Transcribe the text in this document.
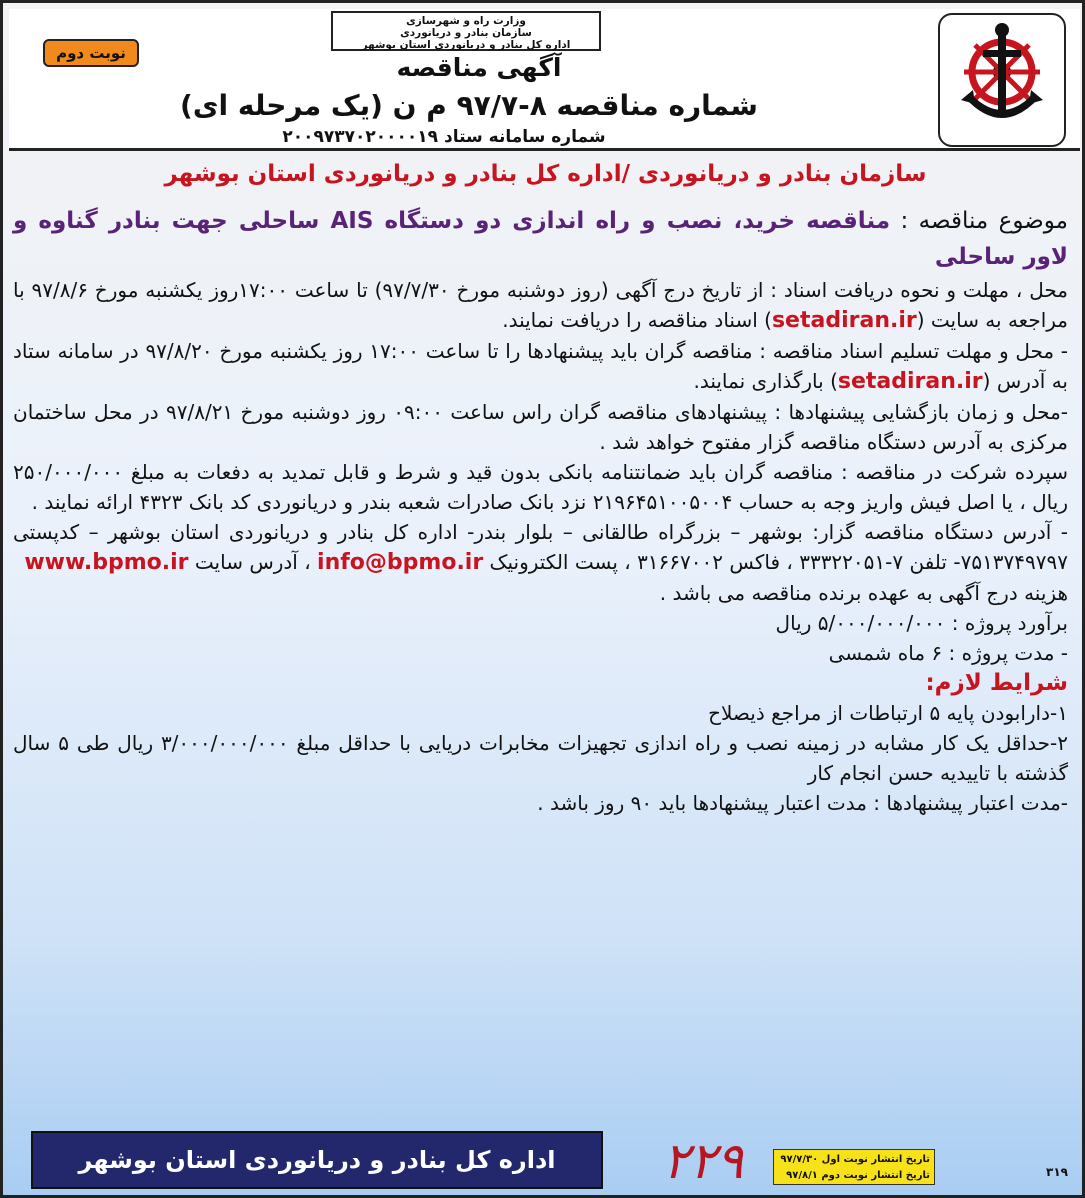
وزارت راه و شهرسازی
سازمان بنادر و دریانوردی
اداره کل بنادر و دریانوردی استان بوشهر
نوبت دوم	آگهی مناقصه
شماره مناقصه ۸-۹۷/۷ م ن (یک مرحله ای)
شماره سامانه ستاد ۲۰۰۹۷۳۷۰۲۰۰۰۰۱۹
سازمان بنادر و دریانوردی /اداره کل بنادر و دریانوردی استان بوشهر

موضوع مناقصه : مناقصه خرید، نصب و راه اندازی دو دستگاه AIS ساحلی جهت بنادر گناوه و لاور ساحلی

محل ، مهلت و نحوه دریافت اسناد : از تاریخ درج آگهی (روز دوشنبه مورخ ۹۷/۷/۳۰) تا ساعت ۱۷:۰۰روز یکشنبه مورخ ۹۷/۸/۶ با مراجعه به سایت (setadiran.ir) اسناد مناقصه را دریافت نمایند.

- محل و مهلت تسلیم اسناد مناقصه : مناقصه گران باید پیشنهادها را تا ساعت ۱۷:۰۰ روز یکشنبه مورخ ۹۷/۸/۲۰ در سامانه ستاد به آدرس (setadiran.ir) بارگذاری نمایند.

-محل و زمان بازگشایی پیشنهادها : پیشنهادهای مناقصه گران راس ساعت ۰۹:۰۰ روز دوشنبه مورخ ۹۷/۸/۲۱ در محل ساختمان مرکزی به آدرس دستگاه مناقصه گزار مفتوح خواهد شد .

سپرده شرکت در مناقصه : مناقصه گران باید ضمانتنامه بانکی بدون قید و شرط و قابل تمدید به دفعات به مبلغ ۲۵۰/۰۰۰/۰۰۰ ریال ، یا اصل فیش واریز وجه به حساب ۲۱۹۶۴۵۱۰۰۵۰۰۴ نزد بانک صادرات شعبه بندر و دریانوردی کد بانک ۴۳۲۳ ارائه نمایند .

- آدرس دستگاه مناقصه گزار: بوشهر – بزرگراه طالقانی – بلوار بندر- اداره کل بنادر و دریانوردی استان بوشهر – کدپستی ۷۵۱۳۷۴۹۷۹۷- تلفن ۷-۳۳۳۲۲۰۵۱ ، فاکس ۳۱۶۶۷۰۰۲ ، پست الکترونیک info@bpmo.ir ، آدرس سایت www.bpmo.ir

هزینه درج آگهی به عهده برنده مناقصه می باشد .

برآورد پروژه : ۵/۰۰۰/۰۰۰/۰۰۰ ریال

- مدت پروژه : ۶ ماه شمسی

شرایط لازم:

۱-دارابودن پایه ۵ ارتباطات از مراجع ذیصلاح

۲-حداقل یک کار مشابه در زمینه نصب و راه اندازی تجهیزات مخابرات دریایی با حداقل مبلغ ۳/۰۰۰/۰۰۰/۰۰۰ ریال طی ۵ سال گذشته با تاییدیه حسن انجام کار

-مدت اعتبار پیشنهادها : مدت اعتبار پیشنهادها باید ۹۰ روز باشد .

اداره کل بنادر و دریانوردی استان بوشهر	۲۲۹	تاریخ انتشار نوبت اول ۹۷/۷/۳۰
تاریخ انتشار نوبت دوم ۹۷/۸/۱	۳۱۹
